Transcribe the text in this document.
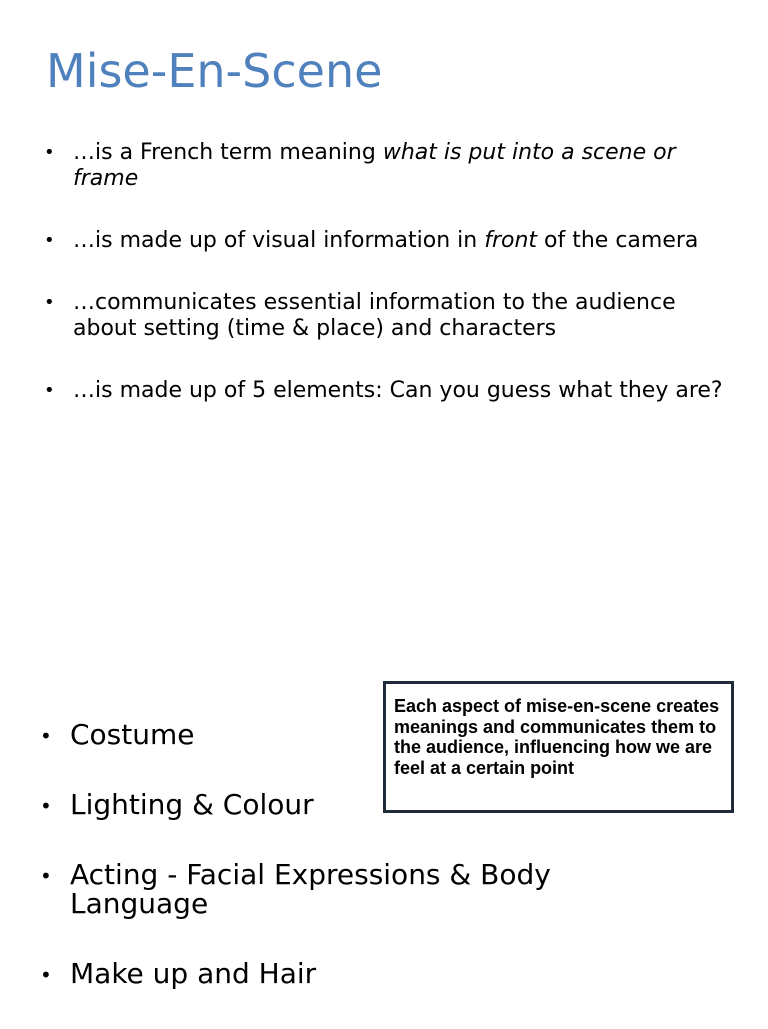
Mise-En-Scene
• …is a French term meaning what is put into a scene or frame
• …is made up of visual information in front of the camera
• …communicates essential information to the audience about setting (time & place) and characters
• …is made up of 5 elements: Can you guess what they are?
Each aspect of mise-en-scene creates meanings and communicates them to the audience, influencing how we are feel at a certain point
• Costume
• Lighting & Colour
• Acting - Facial Expressions & Body Language
• Make up and Hair
